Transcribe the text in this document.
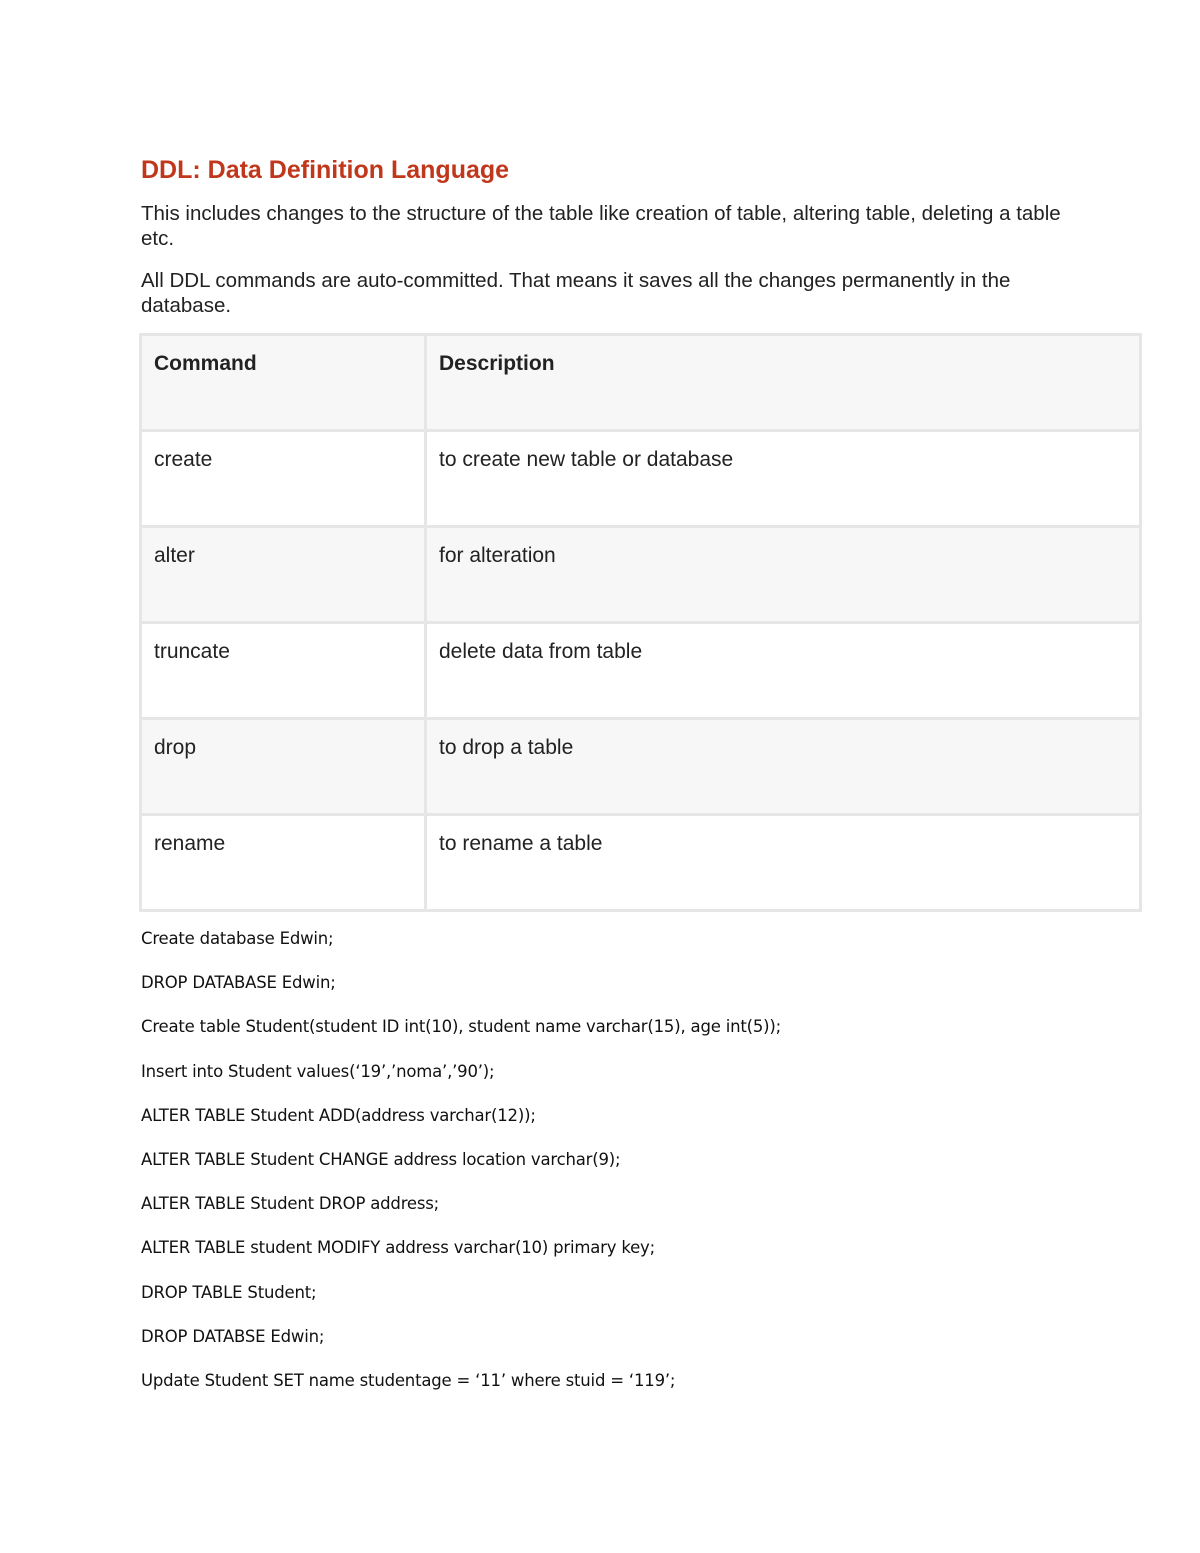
DDL: Data Definition Language

This includes changes to the structure of the table like creation of table, altering table, deleting a table etc.

All DDL commands are auto-committed. That means it saves all the changes permanently in the database.

Command	Description
create	to create new table or database
alter	for alteration
truncate	delete data from table
drop	to drop a table
rename	to rename a table
Create database Edwin;
DROP DATABASE Edwin;
Create table Student(student ID int(10), student name varchar(15), age int(5));
Insert into Student values(‘19’,’noma’,’90’);
ALTER TABLE Student ADD(address varchar(12));
ALTER TABLE Student CHANGE address location varchar(9);
ALTER TABLE Student DROP address;
ALTER TABLE student MODIFY address varchar(10) primary key;
DROP TABLE Student;
DROP DATABSE Edwin;
Update Student SET name studentage = ‘11’ where stuid = ‘119’;
